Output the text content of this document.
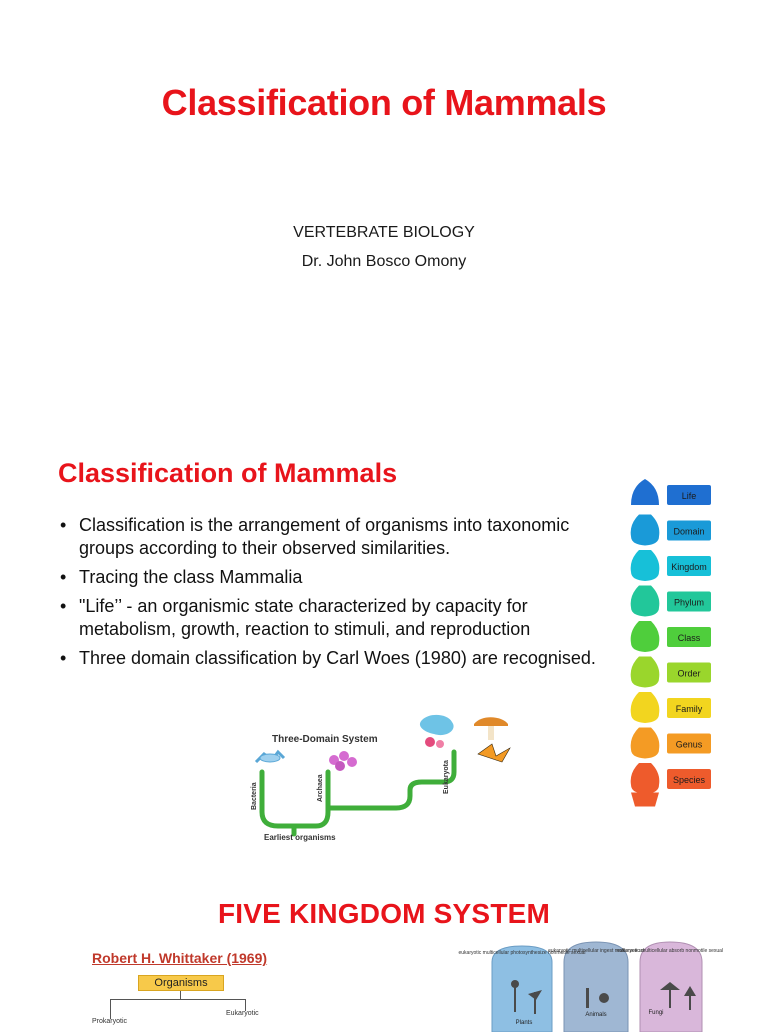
Classification of Mammals
VERTEBRATE BIOLOGY
Dr. John Bosco Omony
Classification of Mammals
• Classification is the arrangement of organisms into taxonomic groups according to their observed similarities.
• Tracing the class Mammalia
• "Life’’ - an organismic state characterized by capacity for metabolism, growth, reaction to stimuli, and reproduction
• Three domain classification by Carl Woes (1980) are recognised.
Life
Domain
Kingdom
Phylum
Class
Order
Family
Genus
Species
Three-Domain System
Bacteria	Archaea	Eukaryota
Earliest organisms
FIVE KINGDOM SYSTEM
Robert H. Whittaker (1969)
Organisms
Prokaryotic
Eukaryotic
eukaryotic multicellular photosynthesize nonmotile sexual
eukaryotic multicellular ingest motile sexual
eukaryotic multicellular absorb nonmotile sexual
Plants
Animals	Fungi
